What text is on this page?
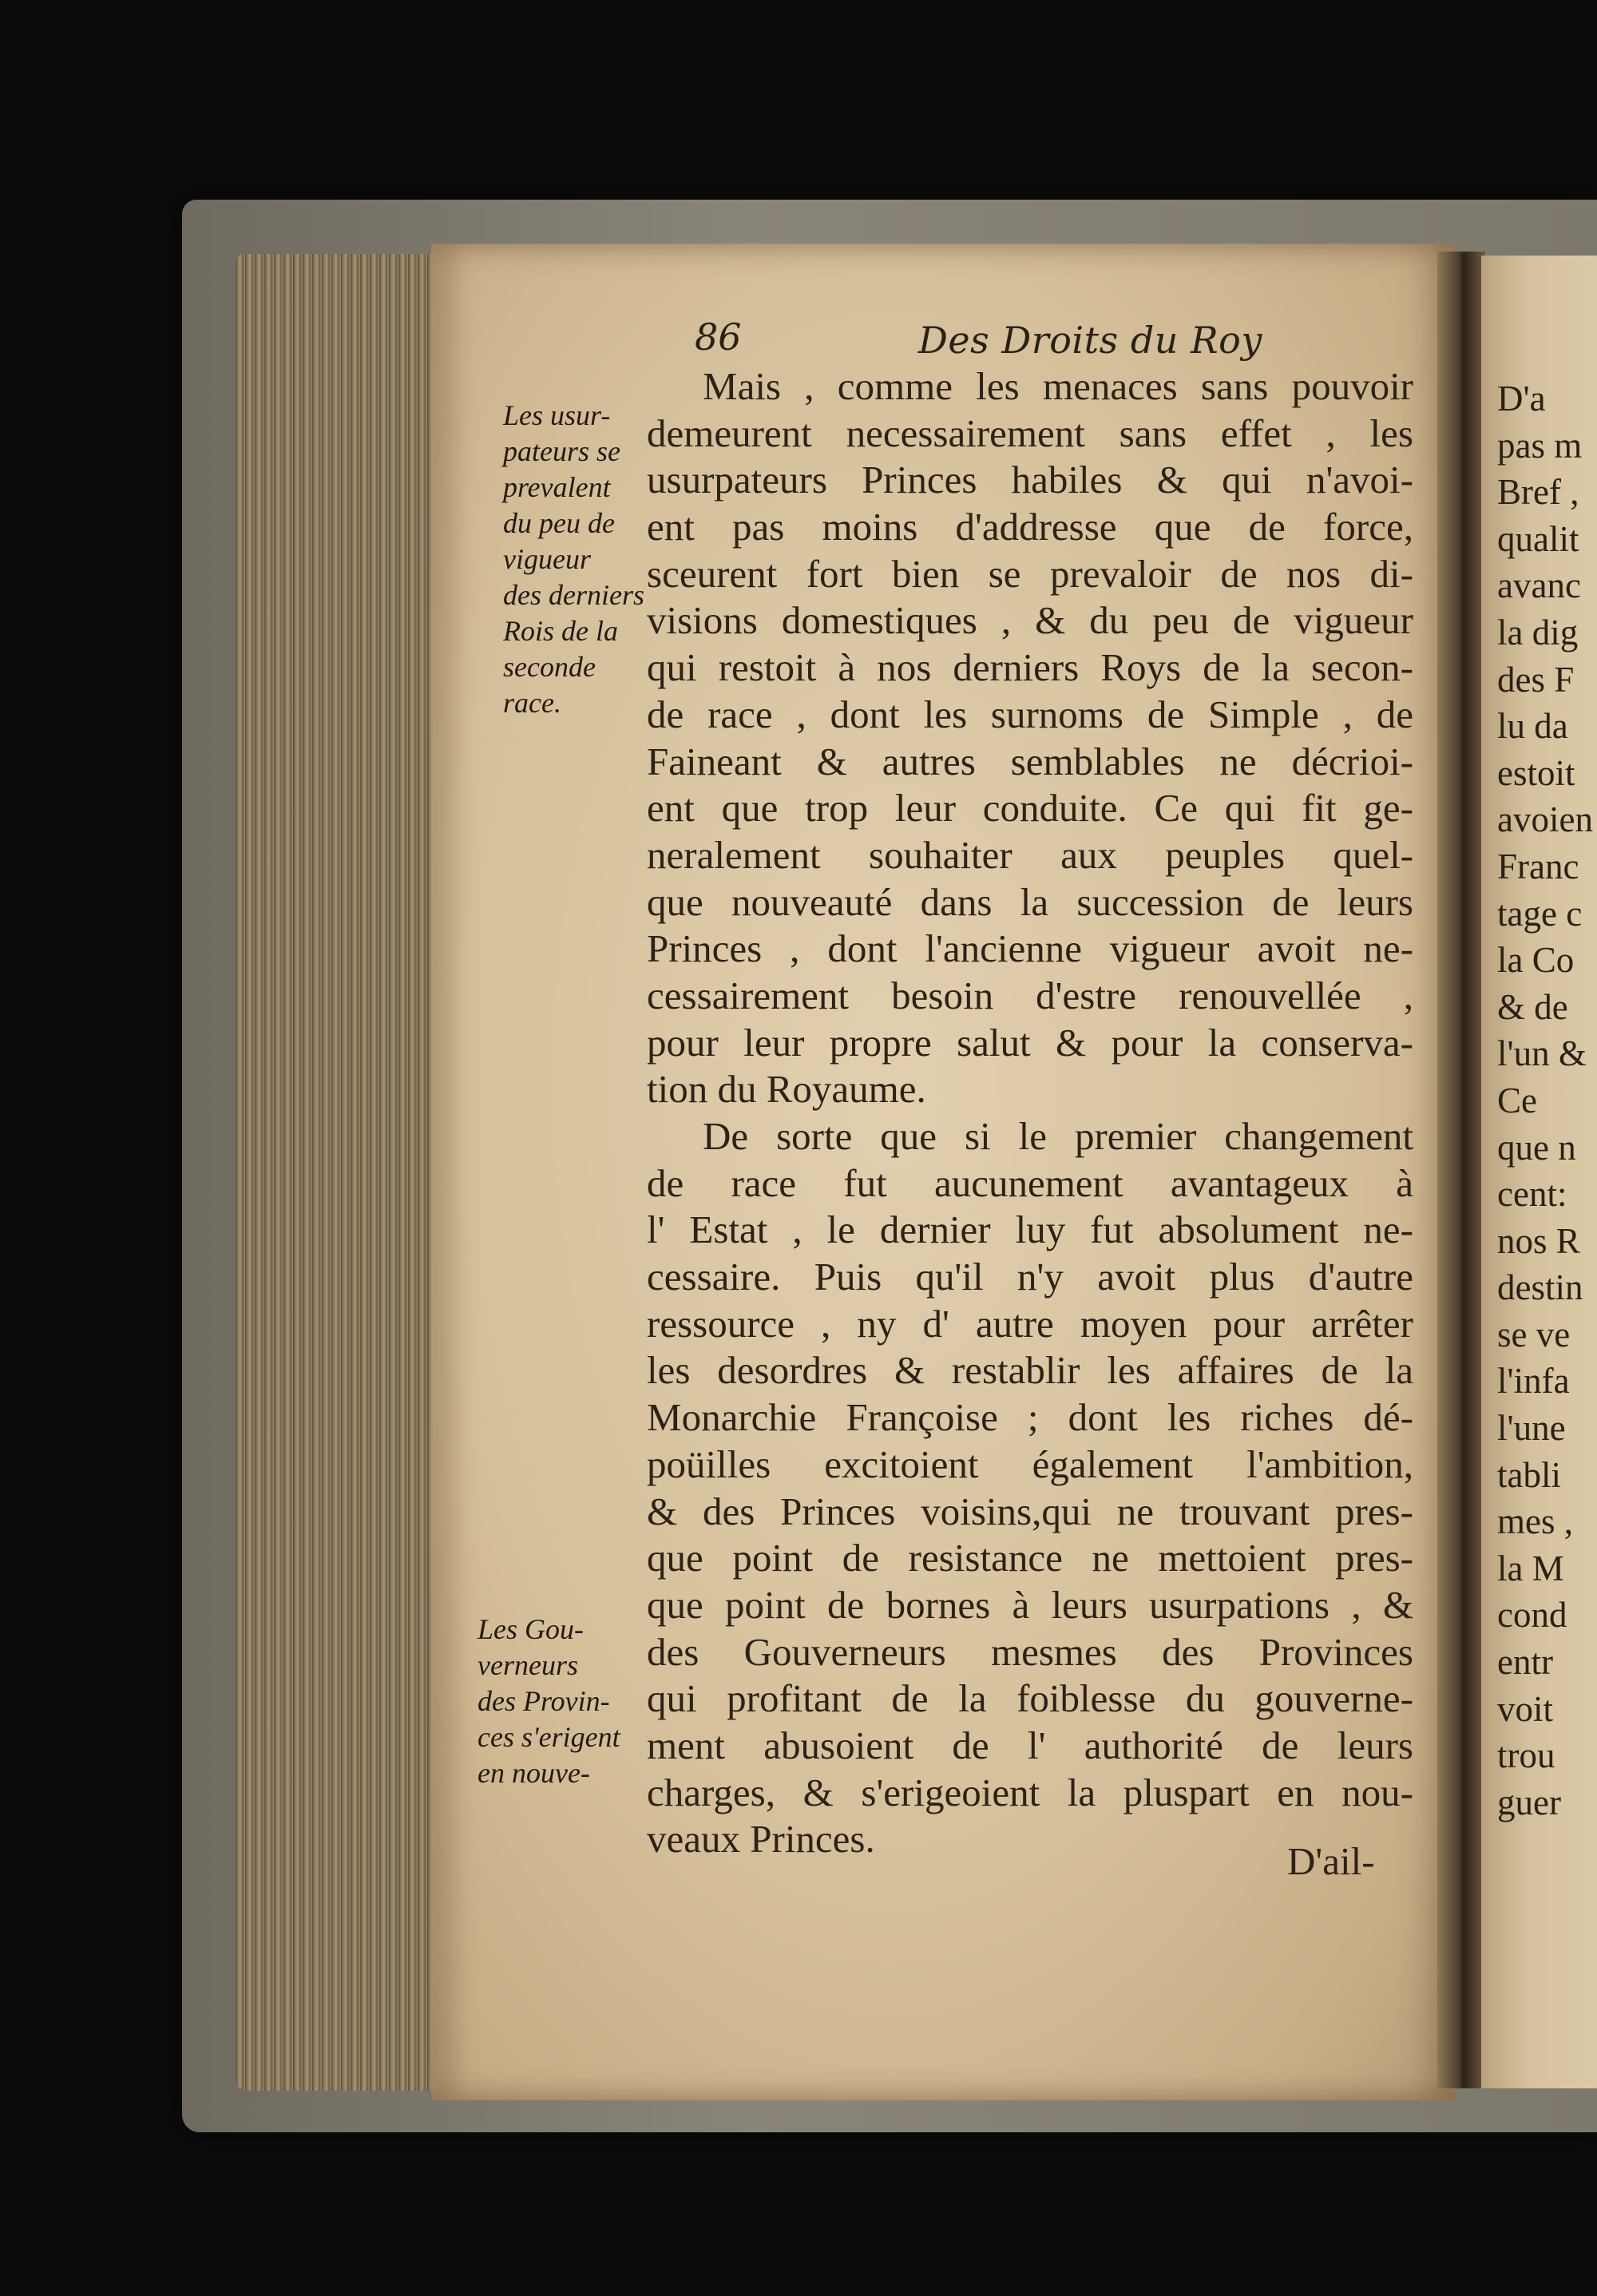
86	Des Droits du Roy
Les usur-
pateurs se
prevalent
du peu de
vigueur
des derniers
Rois de la
seconde
race.
Les Gou-
verneurs
des Provin-
ces s'erigent
en nouve-
Mais , comme les menaces sans pouvoir
demeurent necessairement sans effet , les
usurpateurs Princes habiles & qui n'avoi-
ent pas moins d'addresse que de force,
sceurent fort bien se prevaloir de nos di-
visions domestiques , & du peu de vigueur
qui restoit à nos derniers Roys de la secon-
de race , dont les surnoms de Simple , de
Faineant & autres semblables ne décrioi-
ent que trop leur conduite. Ce qui fit ge-
neralement souhaiter aux peuples quel-
que nouveauté dans la succession de leurs
Princes , dont l'ancienne vigueur avoit ne-
cessairement besoin d'estre renouvellée ,
pour leur propre salut & pour la conserva-
tion du Royaume.
De sorte que si le premier changement
de race fut aucunement avantageux à
l' Estat , le dernier luy fut absolument ne-
cessaire. Puis qu'il n'y avoit plus d'autre
ressource , ny d' autre moyen pour arrêter
les desordres & restablir les affaires de la
Monarchie Françoise ; dont les riches dé-
poüilles excitoient également l'ambition,
& des Princes voisins,qui ne trouvant pres-
que point de resistance ne mettoient pres-
que point de bornes à leurs usurpations , &
des Gouverneurs mesmes des Provinces
qui profitant de la foiblesse du gouverne-
ment abusoient de l' authorité de leurs
charges, & s'erigeoient la pluspart en nou-
veaux Princes.
D'ail-
D'a
pas m
Bref ,
qualit
avanc
la dig
des F
lu da
estoit
avoien
Franc
tage c
la Co
& de
l'un &
Ce
que n
cent:
nos R
destin
se ve
l'infa
l'une
tabli
mes ,
la M
cond
entr
voit
trou
guer
